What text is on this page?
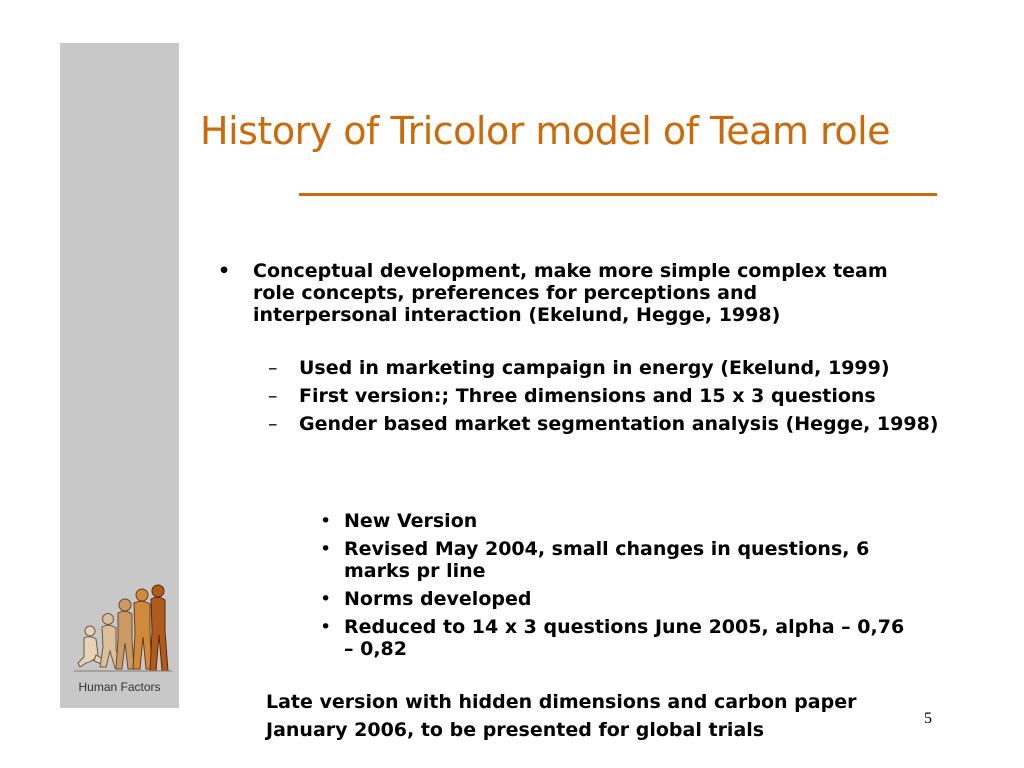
Human Factors
History of Tricolor model of Team role
• Conceptual development, make more simple complex team role concepts, preferences for perceptions and interpersonal interaction (Ekelund, Hegge, 1998)
– Used in marketing campaign in energy (Ekelund, 1999)
– First version:; Three dimensions and 15 x 3 questions
– Gender based market segmentation analysis (Hegge, 1998)
• New Version
• Revised May 2004, small changes in questions, 6 marks pr line
• Norms developed
• Reduced to 14 x 3 questions June 2005, alpha – 0,76 – 0,82
Late version with hidden dimensions and carbon paper January 2006, to be presented for global trials
5
